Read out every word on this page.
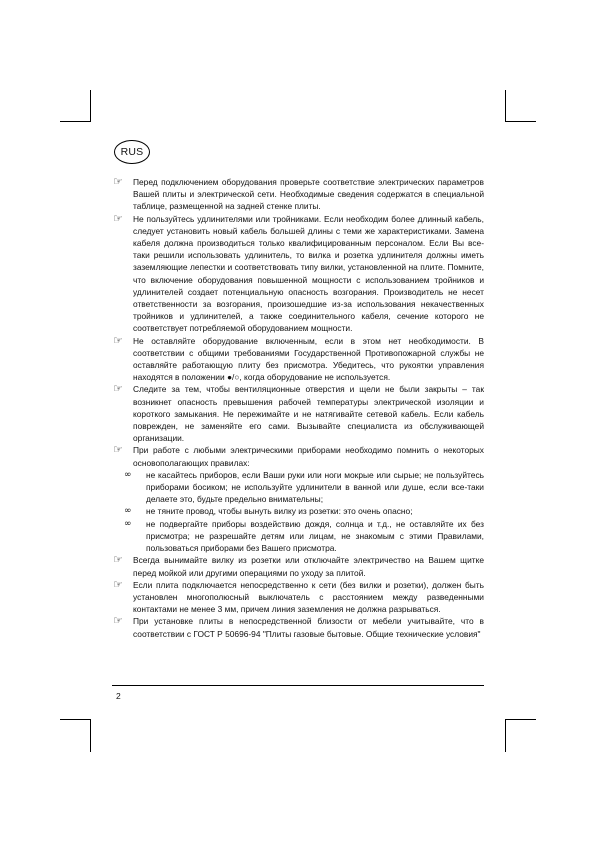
RUS
☞ Перед подключением оборудования проверьте соответствие электрических параметров Вашей плиты и электрической сети. Необходимые сведения содержатся в специальной таблице, размещенной на задней стенке плиты.
☞ Не пользуйтесь удлинителями или тройниками. Если необходим более длинный кабель, следует установить новый кабель большей длины с теми же характеристиками. Замена кабеля должна производиться только квалифицированным персоналом. Если Вы все-таки решили использовать удлинитель, то вилка и розетка удлинителя должны иметь заземляющие лепестки и соответствовать типу вилки, установленной на плите. Помните, что включение оборудования повышенной мощности с использованием тройников и удлинителей создает потенциальную опасность возгорания. Производитель не несет ответственности за возгорания, произошедшие из-за использования некачественных тройников и удлинителей, а также соединительного кабеля, сечение которого не соответствует потребляемой оборудованием мощности.
☞ Не оставляйте оборудование включенным, если в этом нет необходимости. В соответствии с общими требованиями Государственной Противопожарной службы не оставляйте работающую плиту без присмотра. Убедитесь, что рукоятки управления находятся в положении ●/○, когда оборудование не используется.
☞ Следите за тем, чтобы вентиляционные отверстия и щели не были закрыты – так возникнет опасность превышения рабочей температуры электрической изоляции и короткого замыкания. Не пережимайте и не натягивайте сетевой кабель. Если кабель поврежден, не заменяйте его сами. Вызывайте специалиста из обслуживающей организации.
☞ При работе с любыми электрическими приборами необходимо помнить о некоторых основополагающих правилах:
∞ не касайтесь приборов, если Ваши руки или ноги мокрые или сырые; не пользуйтесь приборами босиком; не используйте удлинители в ванной или душе, если все-таки делаете это, будьте предельно внимательны;
∞ не тяните провод, чтобы вынуть вилку из розетки: это очень опасно;
∞ не подвергайте приборы воздействию дождя, солнца и т.д., не оставляйте их без присмотра; не разрешайте детям или лицам, не знакомым с этими Правилами, пользоваться приборами без Вашего присмотра.
☞ Всегда вынимайте вилку из розетки или отключайте электричество на Вашем щитке перед мойкой или другими операциями по уходу за плитой.
☞ Если плита подключается непосредственно к сети (без вилки и розетки), должен быть установлен многополюсный выключатель с расстоянием между разведенными контактами не менее 3 мм, причем линия заземления не должна разрываться.
☞ При установке плиты в непосредственной близости от мебели учитывайте, что в соответствии с ГОСТ Р 50696-94 "Плиты газовые бытовые. Общие технические условия"
2
